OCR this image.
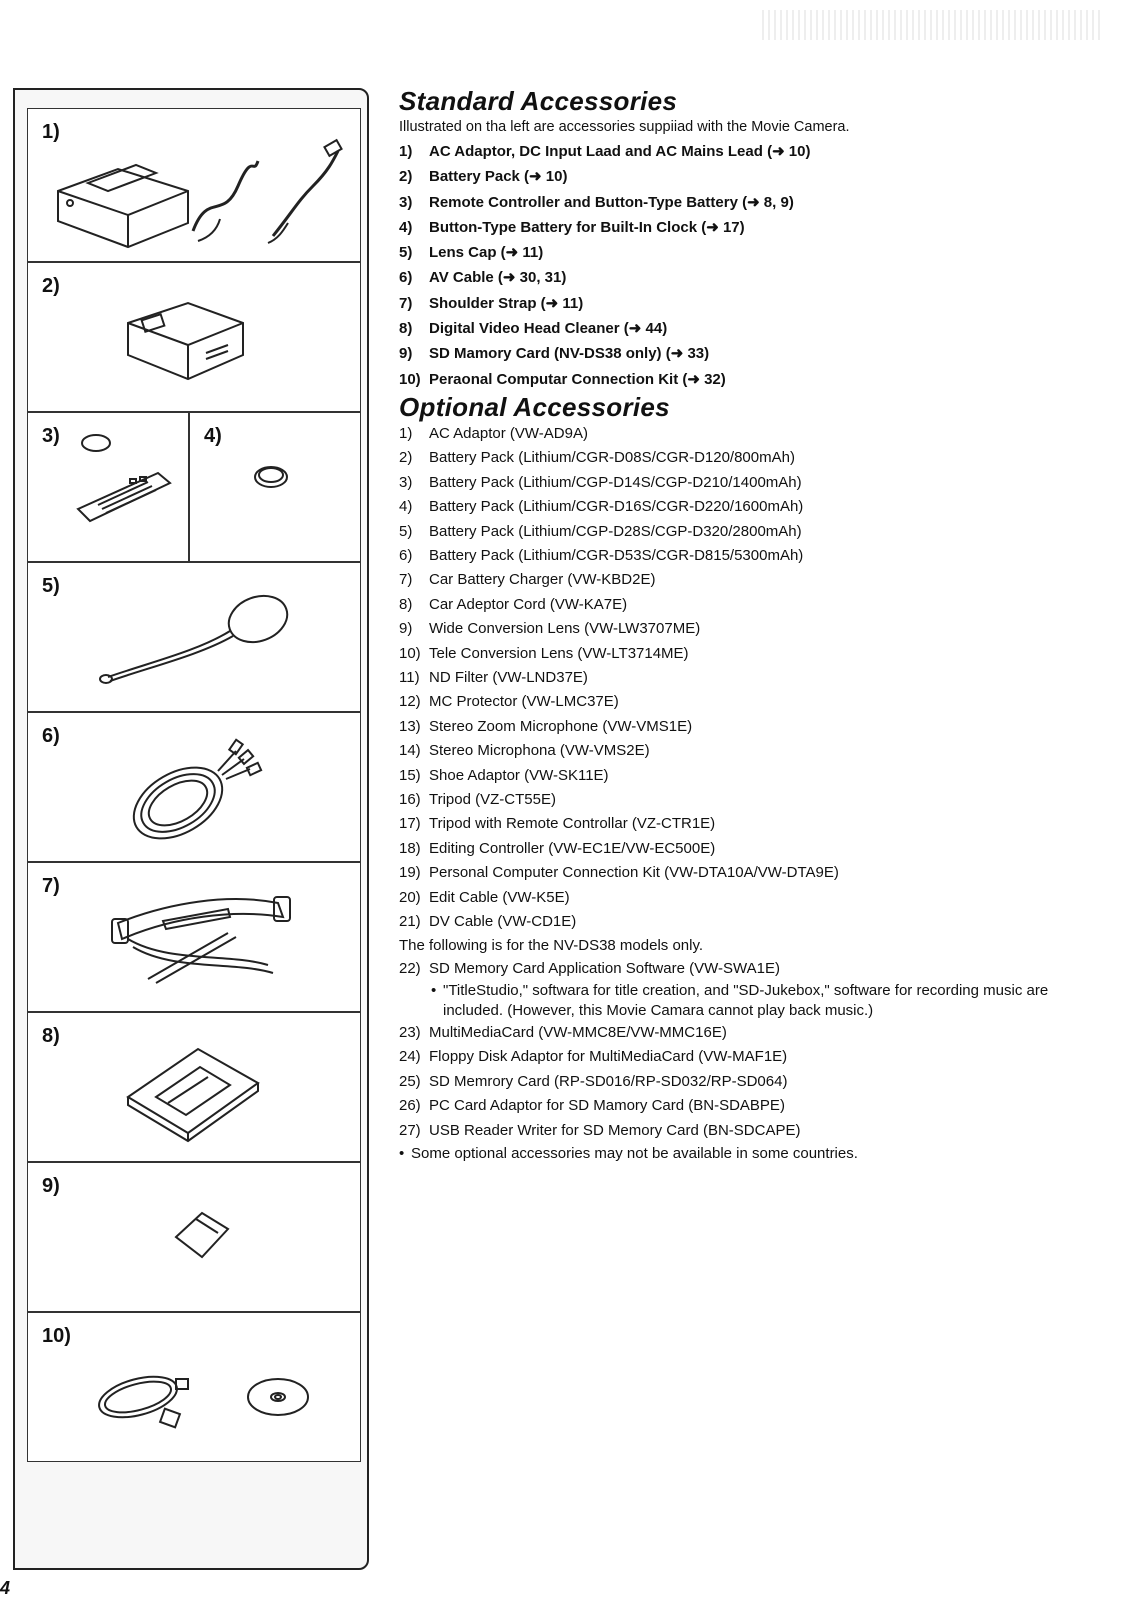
1)
2)
3)	4)
5)
6)
7)
8)
9)
10)
Standard Accessories
Illustrated on tha left are accessories suppiiad with the Movie Camera.
1)	AC Adaptor, DC Input Laad and AC Mains Lead (➜ 10)
2)	Battery Pack (➜ 10)
3)	Remote Controller and Button-Type Battery (➜ 8, 9)
4)	Button-Type Battery for Built-In Clock (➜ 17)
5)	Lens Cap (➜ 11)
6)	AV Cable (➜ 30, 31)
7)	Shoulder Strap (➜ 11)
8)	Digital Video Head Cleaner (➜ 44)
9)	SD Mamory Card (NV-DS38 only) (➜ 33)
10) Peraonal Computar Connection Kit (➜ 32)
Optional Accessories
1)	AC Adaptor (VW-AD9A)
2)	Battery Pack (Lithium/CGR-D08S/CGR-D120/800mAh)
3)	Battery Pack (Lithium/CGP-D14S/CGP-D210/1400mAh)
4)	Battery Pack (Lithium/CGR-D16S/CGR-D220/1600mAh)
5)	Battery Pack (Lithium/CGP-D28S/CGP-D320/2800mAh)
6)	Battery Pack (Lithium/CGR-D53S/CGR-D815/5300mAh)
7)	Car Battery Charger (VW-KBD2E)
8)	Car Adeptor Cord (VW-KA7E)
9)	Wide Conversion Lens (VW-LW3707ME)
10) Tele Conversion Lens (VW-LT3714ME)
11) ND Filter (VW-LND37E)
12) MC Protector (VW-LMC37E)
13) Stereo Zoom Microphone (VW-VMS1E)
14) Stereo Microphona (VW-VMS2E)
15) Shoe Adaptor (VW-SK11E)
16) Tripod (VZ-CT55E)
17) Tripod with Remote Controllar (VZ-CTR1E)
18) Editing Controller (VW-EC1E/VW-EC500E)
19) Personal Computer Connection Kit (VW-DTA10A/VW-DTA9E)
20) Edit Cable (VW-K5E)
21) DV Cable (VW-CD1E)
The following is for the NV-DS38 models only.
22) SD Memory Card Application Software (VW-SWA1E)
• "TitleStudio," softwara for title creation, and "SD-Jukebox," software for recording music are included. (However, this Movie Camara cannot play back music.)
23) MultiMediaCard (VW-MMC8E/VW-MMC16E)
24) Floppy Disk Adaptor for MultiMediaCard (VW-MAF1E)
25) SD Memrory Card (RP-SD016/RP-SD032/RP-SD064)
26) PC Card Adaptor for SD Mamory Card (BN-SDABPE)
27) USB Reader Writer for SD Memory Card (BN-SDCAPE)
• Some optional accessories may not be available in some countries.
4
